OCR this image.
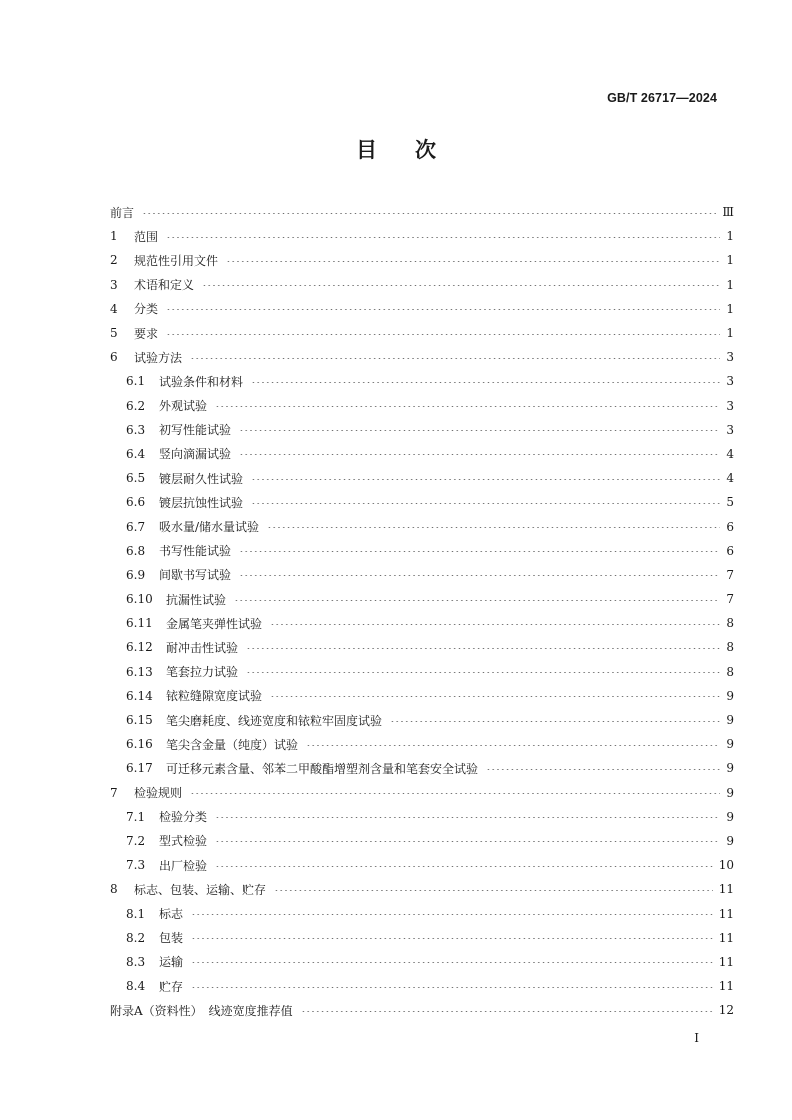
GB/T 26717—2024
目 次
前言	Ⅲ
1	范围	1
2	规范性引用文件	1
3	术语和定义	1
4	分类	1
5	要求	1
6	试验方法	3
6.1	试验条件和材料	3
6.2	外观试验	3
6.3	初写性能试验	3
6.4	竖向滴漏试验	4
6.5	镀层耐久性试验	4
6.6	镀层抗蚀性试验	5
6.7	吸水量/储水量试验	6
6.8	书写性能试验	6
6.9	间歇书写试验	7
6.10	抗漏性试验	7
6.11	金属笔夹弹性试验	8
6.12	耐冲击性试验	8
6.13	笔套拉力试验	8
6.14	铱粒缝隙宽度试验	9
6.15	笔尖磨耗度、线迹宽度和铱粒牢固度试验	9
6.16	笔尖含金量（纯度）试验	9
6.17	可迁移元素含量、邻苯二甲酸酯增塑剂含量和笔套安全试验	9
7	检验规则	9
7.1	检验分类	9
7.2	型式检验	9
7.3	出厂检验	10
8	标志、包装、运输、贮存	11
8.1	标志	11
8.2	包装	11
8.3	运输	11
8.4	贮存	11
附录A（资料性）　线迹宽度推荐值	12
I
